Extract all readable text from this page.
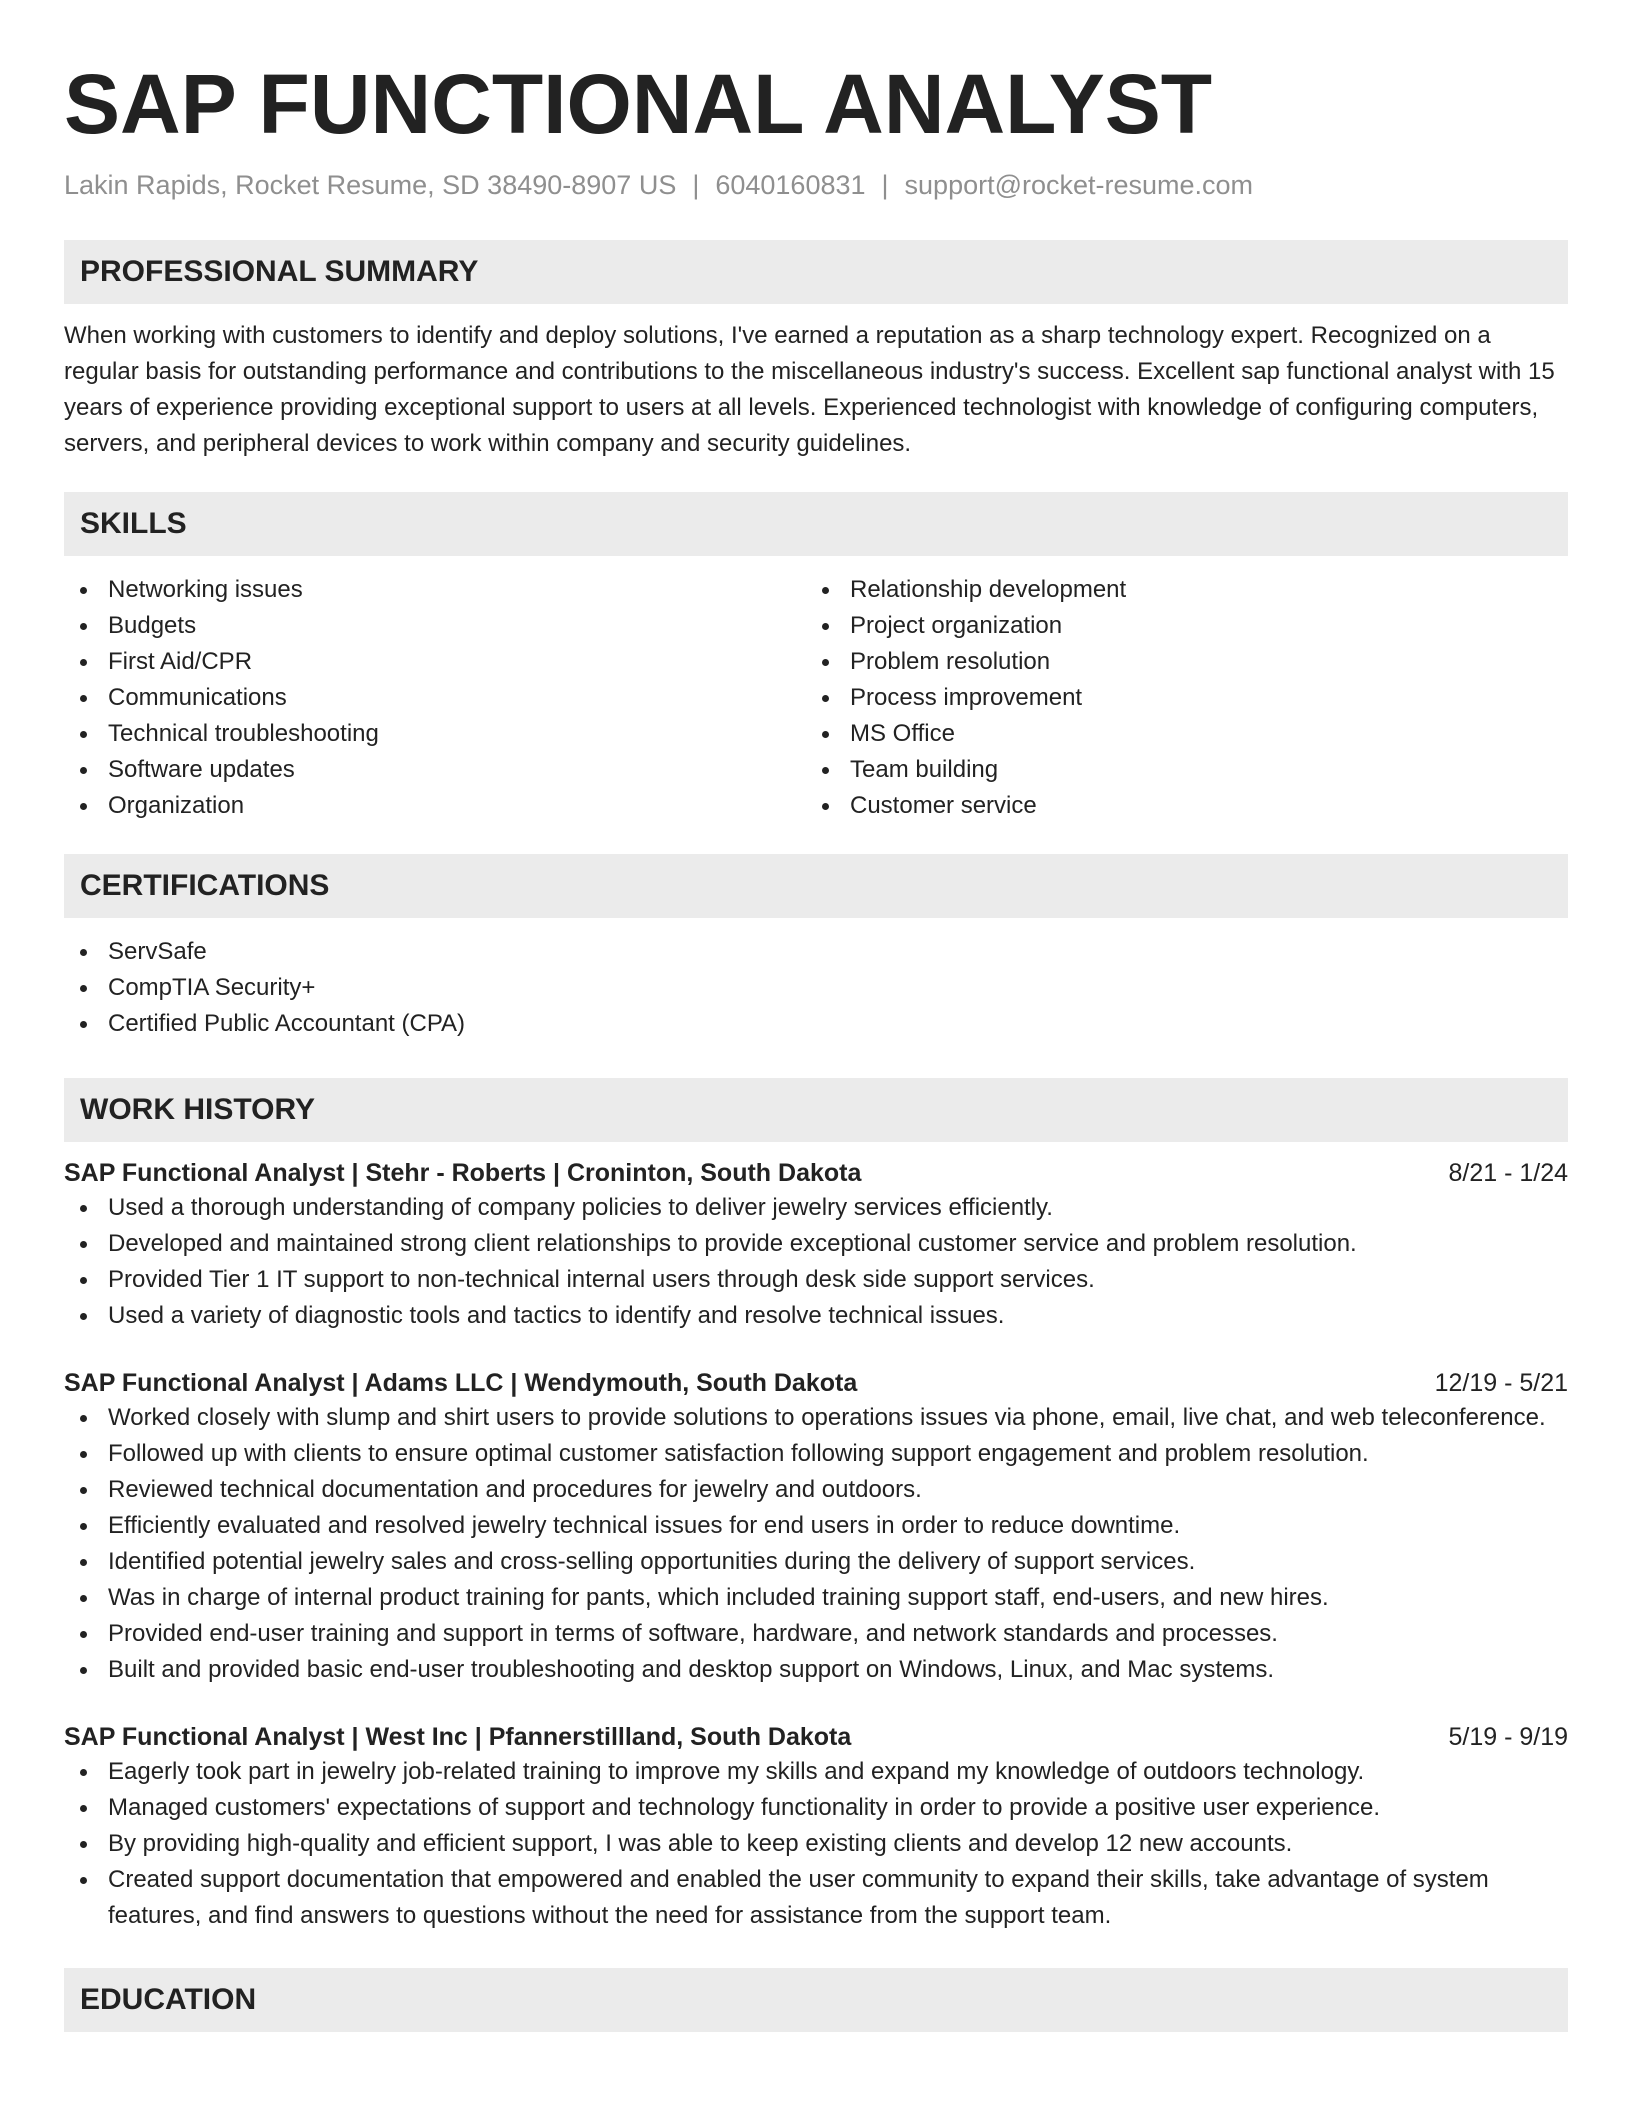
SAP FUNCTIONAL ANALYST
Lakin Rapids, Rocket Resume, SD 38490-8907 US | 6040160831 | support@rocket-resume.com
PROFESSIONAL SUMMARY

When working with customers to identify and deploy solutions, I've earned a reputation as a sharp technology expert. Recognized on a regular basis for outstanding performance and contributions to the miscellaneous industry's success. Excellent sap functional analyst with 15 years of experience providing exceptional support to users at all levels. Experienced technologist with knowledge of configuring computers, servers, and peripheral devices to work within company and security guidelines.

SKILLS
Networking issues
Budgets
First Aid/CPR
Communications
Technical troubleshooting
Software updates
Organization
Relationship development
Project organization
Problem resolution
Process improvement
MS Office
Team building
Customer service
CERTIFICATIONS
ServSafe
CompTIA Security+
Certified Public Accountant (CPA)
WORK HISTORY
SAP Functional Analyst | Stehr - Roberts | Croninton, South Dakota	8/21 - 1/24
Used a thorough understanding of company policies to deliver jewelry services efficiently.
Developed and maintained strong client relationships to provide exceptional customer service and problem resolution.
Provided Tier 1 IT support to non-technical internal users through desk side support services.
Used a variety of diagnostic tools and tactics to identify and resolve technical issues.
SAP Functional Analyst | Adams LLC | Wendymouth, South Dakota	12/19 - 5/21
Worked closely with slump and shirt users to provide solutions to operations issues via phone, email, live chat, and web teleconference.
Followed up with clients to ensure optimal customer satisfaction following support engagement and problem resolution.
Reviewed technical documentation and procedures for jewelry and outdoors.
Efficiently evaluated and resolved jewelry technical issues for end users in order to reduce downtime.
Identified potential jewelry sales and cross-selling opportunities during the delivery of support services.
Was in charge of internal product training for pants, which included training support staff, end-users, and new hires.
Provided end-user training and support in terms of software, hardware, and network standards and processes.
Built and provided basic end-user troubleshooting and desktop support on Windows, Linux, and Mac systems.
SAP Functional Analyst | West Inc | Pfannerstillland, South Dakota	5/19 - 9/19
Eagerly took part in jewelry job-related training to improve my skills and expand my knowledge of outdoors technology.
Managed customers' expectations of support and technology functionality in order to provide a positive user experience.
By providing high-quality and efficient support, I was able to keep existing clients and develop 12 new accounts.
Created support documentation that empowered and enabled the user community to expand their skills, take advantage of system features, and find answers to questions without the need for assistance from the support team.
EDUCATION
